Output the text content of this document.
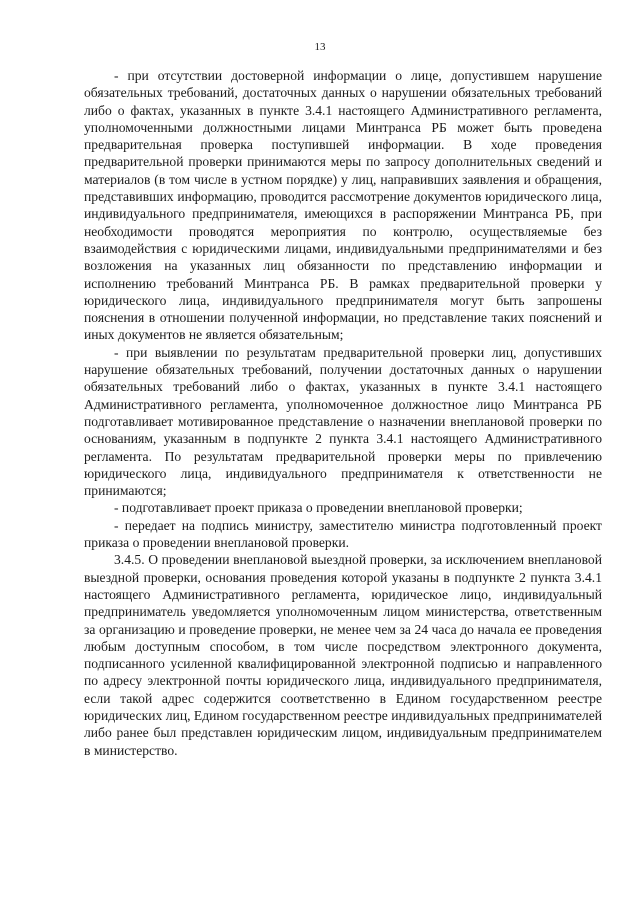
13

- при отсутствии достоверной информации о лице, допустившем нарушение обязательных требований, достаточных данных о нарушении обязательных требований либо о фактах, указанных в пункте 3.4.1 настоящего Административного регламента, уполномоченными должностными лицами Минтранса РБ может быть проведена предварительная проверка поступившей информации. В ходе проведения предварительной проверки принимаются меры по запросу дополнительных сведений и материалов (в том числе в устном порядке) у лиц, направивших заявления и обращения, представивших информацию, проводится рассмотрение документов юридического лица, индивидуального предпринимателя, имеющихся в распоряжении Минтранса РБ, при необходимости проводятся мероприятия по контролю, осуществляемые без взаимодействия с юридическими лицами, индивидуальными предпринимателями и без возложения на указанных лиц обязанности по представлению информации и исполнению требований Минтранса РБ. В рамках предварительной проверки у юридического лица, индивидуального предпринимателя могут быть запрошены пояснения в отношении полученной информации, но представление таких пояснений и иных документов не является обязательным;

- при выявлении по результатам предварительной проверки лиц, допустивших нарушение обязательных требований, получении достаточных данных о нарушении обязательных требований либо о фактах, указанных в пункте 3.4.1 настоящего Административного регламента, уполномоченное должностное лицо Минтранса РБ подготавливает мотивированное представление о назначении внеплановой проверки по основаниям, указанным в подпункте 2 пункта 3.4.1 настоящего Административного регламента. По результатам предварительной проверки меры по привлечению юридического лица, индивидуального предпринимателя к ответственности не принимаются;

- подготавливает проект приказа о проведении внеплановой проверки;

- передает на подпись министру, заместителю министра подготовленный проект приказа о проведении внеплановой проверки.

3.4.5. О проведении внеплановой выездной проверки, за исключением внеплановой выездной проверки, основания проведения которой указаны в подпункте 2 пункта 3.4.1 настоящего Административного регламента, юридическое лицо, индивидуальный предприниматель уведомляется уполномоченным лицом министерства, ответственным за организацию и проведение проверки, не менее чем за 24 часа до начала ее проведения любым доступным способом, в том числе посредством электронного документа, подписанного усиленной квалифицированной электронной подписью и направленного по адресу электронной почты юридического лица, индивидуального предпринимателя, если такой адрес содержится соответственно в Едином государственном реестре юридических лиц, Едином государственном реестре индивидуальных предпринимателей либо ранее был представлен юридическим лицом, индивидуальным предпринимателем в министерство.
